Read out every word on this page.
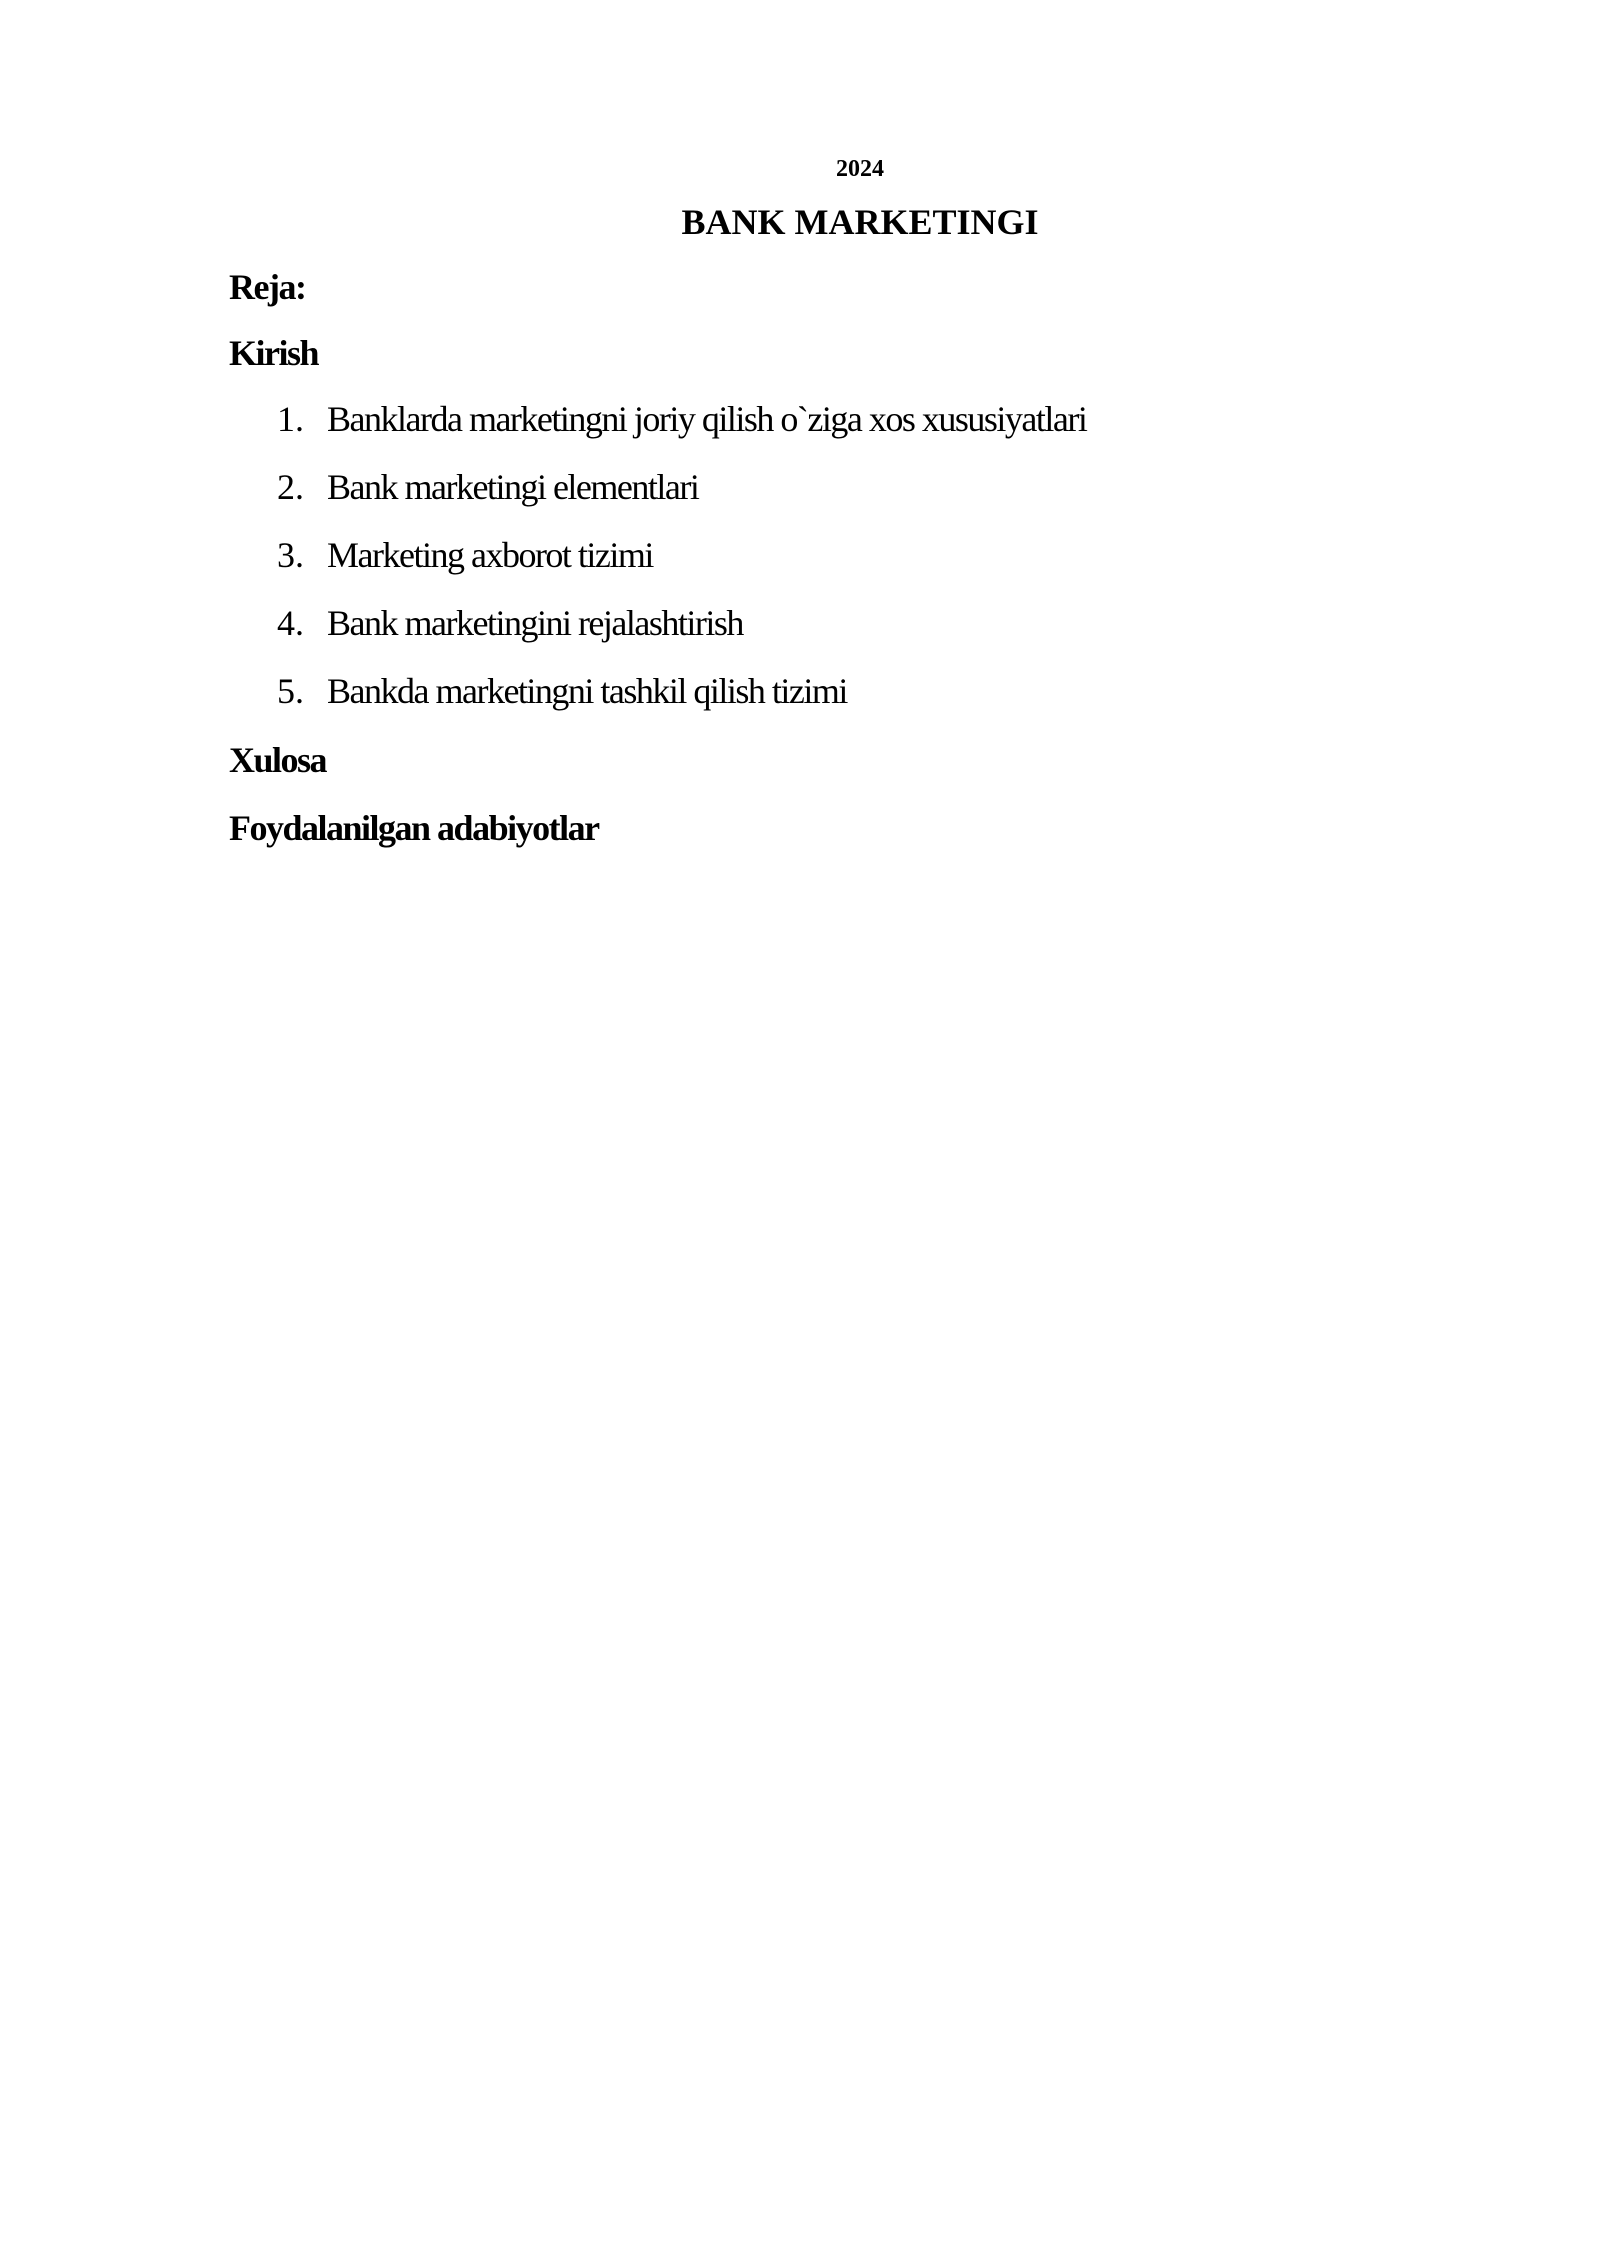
2024
BANK MARKETINGI
Reja:
Kirish
1. Banklarda marketingni joriy qilish o`ziga xos xususiyatlari
2. Bank marketingi elementlari
3. Marketing axborot tizimi
4. Bank marketingini rejalashtirish
5. Bankda marketingni tashkil qilish tizimi
Xulosa
Foydalanilgan adabiyotlar
